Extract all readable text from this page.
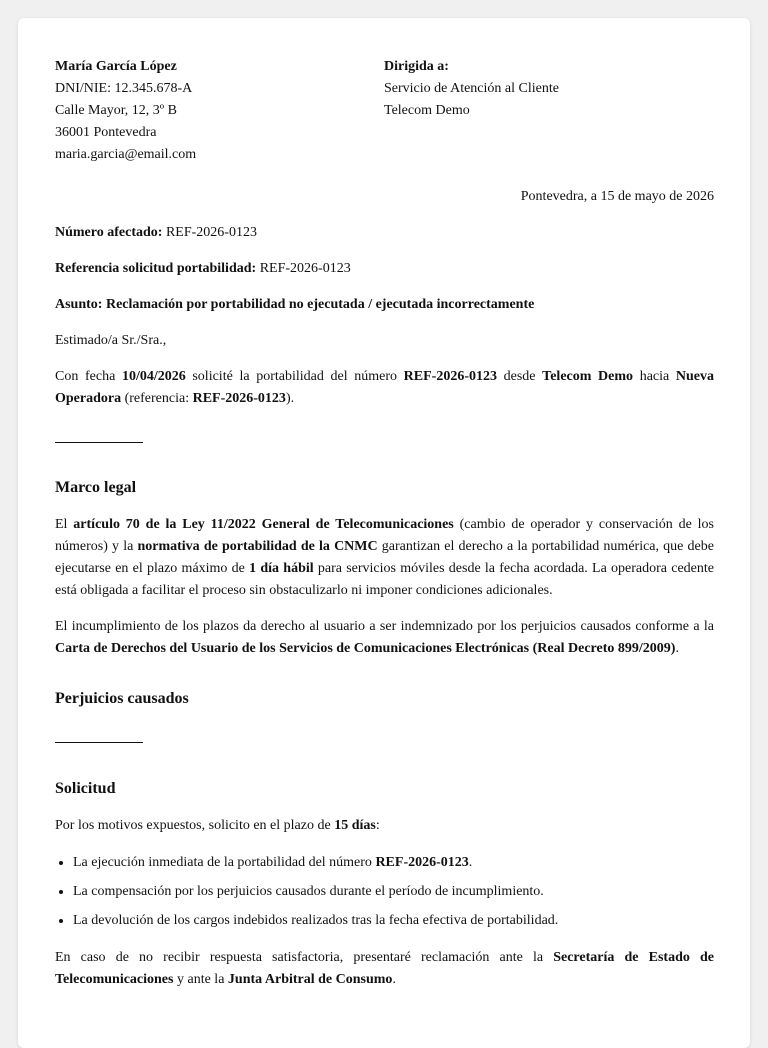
María García López
DNI/NIE: 12.345.678-A
Calle Mayor, 12, 3º B
36001 Pontevedra
maria.garcia@email.com
Dirigida a:
Servicio de Atención al Cliente
Telecom Demo

Pontevedra, a 15 de mayo de 2026

Número afectado: REF-2026-0123

Referencia solicitud portabilidad: REF-2026-0123

Asunto: Reclamación por portabilidad no ejecutada / ejecutada incorrectamente

Estimado/a Sr./Sra.,

Con fecha 10/04/2026 solicité la portabilidad del número REF-2026-0123 desde Telecom Demo hacia Nueva Operadora (referencia: REF-2026-0123).

Marco legal

El artículo 70 de la Ley 11/2022 General de Telecomunicaciones (cambio de operador y conservación de los números) y la normativa de portabilidad de la CNMC garantizan el derecho a la portabilidad numérica, que debe ejecutarse en el plazo máximo de 1 día hábil para servicios móviles desde la fecha acordada. La operadora cedente está obligada a facilitar el proceso sin obstaculizarlo ni imponer condiciones adicionales.

El incumplimiento de los plazos da derecho al usuario a ser indemnizado por los perjuicios causados conforme a la Carta de Derechos del Usuario de los Servicios de Comunicaciones Electrónicas (Real Decreto 899/2009).

Perjuicios causados
Solicitud

Por los motivos expuestos, solicito en el plazo de 15 días:

• La ejecución inmediata de la portabilidad del número REF-2026-0123.
• La compensación por los perjuicios causados durante el período de incumplimiento.
• La devolución de los cargos indebidos realizados tras la fecha efectiva de portabilidad.

En caso de no recibir respuesta satisfactoria, presentaré reclamación ante la Secretaría de Estado de Telecomunicaciones y ante la Junta Arbitral de Consumo.
